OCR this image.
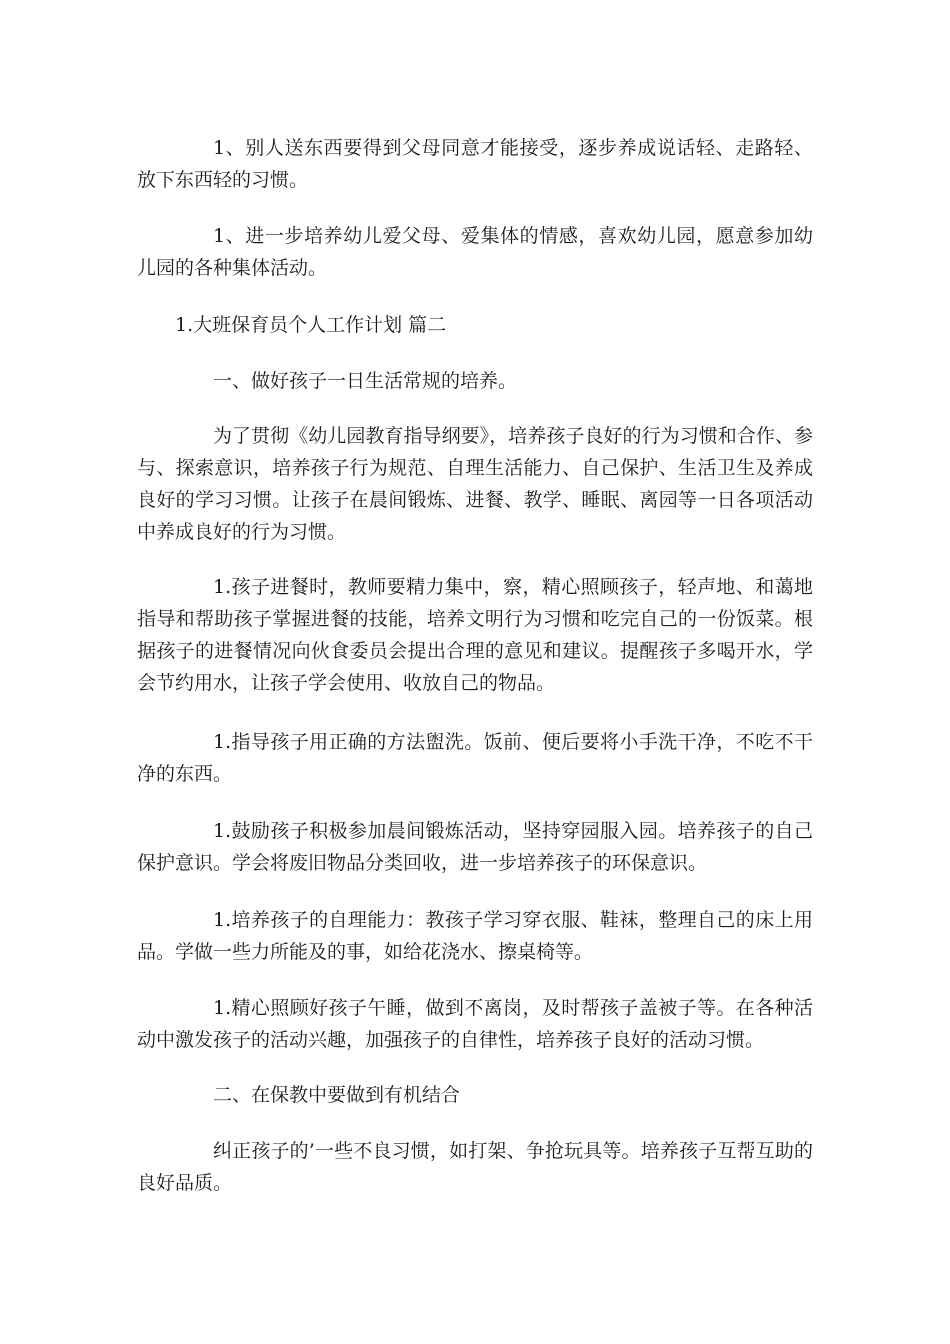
1、别人送东西要得到父母同意才能接受，逐步养成说话轻、走路轻、放下东西轻的习惯。

1、进一步培养幼儿爱父母、爱集体的情感，喜欢幼儿园，愿意参加幼儿园的各种集体活动。

1.大班保育员个人工作计划 篇二

一、做好孩子一日生活常规的培养。

为了贯彻《幼儿园教育指导纲要》，培养孩子良好的行为习惯和合作、参与、探索意识，培养孩子行为规范、自理生活能力、自己保护、生活卫生及养成良好的学习习惯。让孩子在晨间锻炼、进餐、教学、睡眠、离园等一日各项活动中养成良好的行为习惯。

1.孩子进餐时，教师要精力集中，察，精心照顾孩子，轻声地、和蔼地指导和帮助孩子掌握进餐的技能，培养文明行为习惯和吃完自己的一份饭菜。根据孩子的进餐情况向伙食委员会提出合理的意见和建议。提醒孩子多喝开水，学会节约用水，让孩子学会使用、收放自己的物品。

1.指导孩子用正确的方法盥洗。饭前、便后要将小手洗干净，不吃不干净的东西。

1.鼓励孩子积极参加晨间锻炼活动，坚持穿园服入园。培养孩子的自己保护意识。学会将废旧物品分类回收，进一步培养孩子的环保意识。

1.培养孩子的自理能力：教孩子学习穿衣服、鞋袜，整理自己的床上用品。学做一些力所能及的事，如给花浇水、擦桌椅等。

1.精心照顾好孩子午睡，做到不离岗，及时帮孩子盖被子等。在各种活动中激发孩子的活动兴趣，加强孩子的自律性，培养孩子良好的活动习惯。

二、在保教中要做到有机结合

纠正孩子的’一些不良习惯，如打架、争抢玩具等。培养孩子互帮互助的良好品质。
